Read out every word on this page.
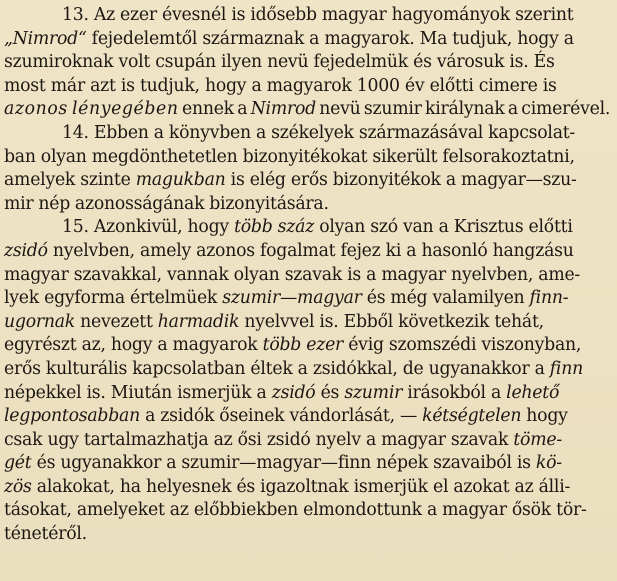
13. Az ezer évesnél is idősebb magyar hagyományok szerint
„Nimrod“ fejedelemtől származnak a magyarok. Ma tudjuk, hogy a
szumiroknak volt csupán ilyen nevü fejedelmük és városuk is. És
most már azt is tudjuk, hogy a magyarok 1000 év előtti cimere is
azonos lényegében ennek a Nimrod nevü szumir királynak a cimerével.
14. Ebben a könyvben a székelyek származásával kapcsolat-
ban olyan megdönthetetlen bizonyitékokat sikerült felsorakoztatni,
amelyek szinte magukban is elég erős bizonyitékok a magyar—szu-
mir nép azonosságának bizonyitására.
15. Azonkivül, hogy több száz olyan szó van a Krisztus előtti
zsidó nyelvben, amely azonos fogalmat fejez ki a hasonló hangzásu
magyar szavakkal, vannak olyan szavak is a magyar nyelvben, ame-
lyek egyforma értelmüek szumir—magyar és még valamilyen finn-
ugornak nevezett harmadik nyelvvel is. Ebből következik tehát,
egyrészt az, hogy a magyarok több ezer évig szomszédi viszonyban,
erős kulturális kapcsolatban éltek a zsidókkal, de ugyanakkor a finn
népekkel is. Miután ismerjük a zsidó és szumir irásokból a lehető
legpontosabban a zsidók őseinek vándorlását, — kétségtelen hogy
csak ugy tartalmazhatja az ősi zsidó nyelv a magyar szavak töme-
gét és ugyanakkor a szumir—magyar—finn népek szavaiból is kö-
zös alakokat, ha helyesnek és igazoltnak ismerjük el azokat az álli-
tásokat, amelyeket az előbbiekben elmondottunk a magyar ősök tör-
ténetéről.
